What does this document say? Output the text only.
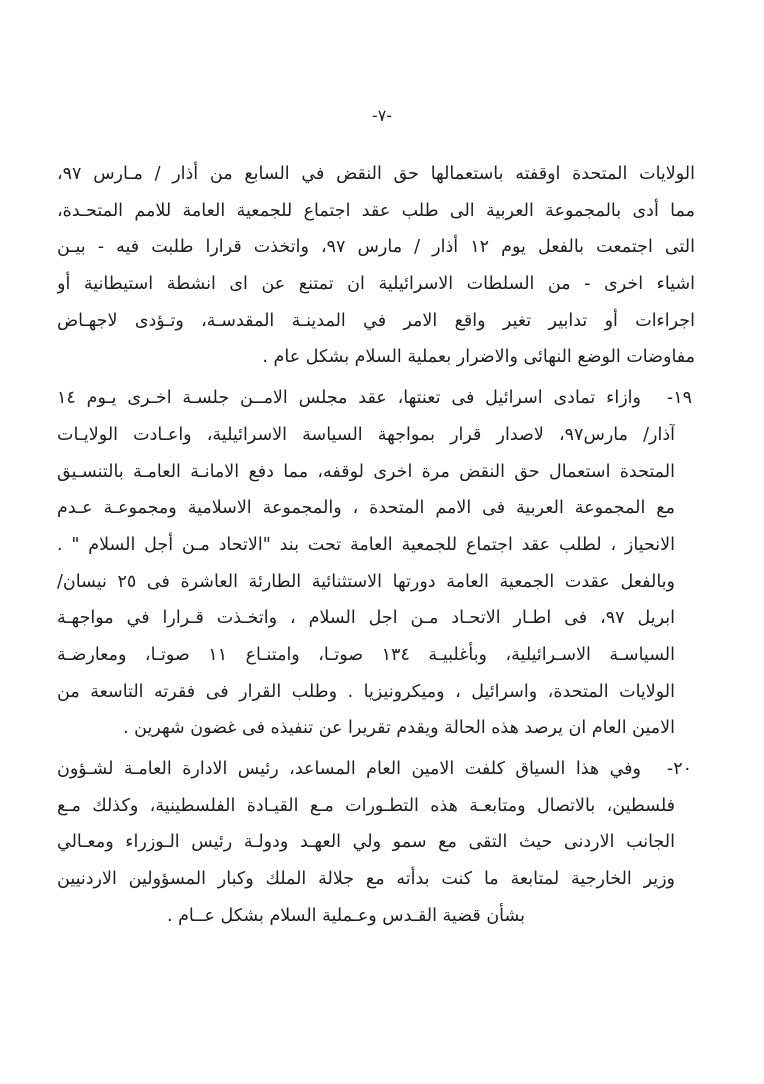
-٧-
الولايات المتحدة اوقفته باستعمالها حق النقض في السابع من أذار / مـارس ٩٧،
مما أدى بالمجموعة العربية الى طلب عقد اجتماع للجمعية العامة للامم المتحـدة،
التى اجتمعت بالفعل يوم ١٢ أذار / مارس ٩٧، واتخذت قرارا طلبت فيه - بيـن
اشياء اخرى - من السلطات الاسرائيلية ان تمتنع عن اى انشطة استيطانية أو
اجراءات أو تدابير تغير واقع الامر في المدينـة المقدسـة، وتـؤدى لاجهـاض
مفاوضات الوضع النهائى والاضرار بعملية السلام بشكل عام .
١٩-
وازاء تمادى اسرائيل فى تعنتها، عقد مجلس الامــن جلسـة اخـرى يـوم ١٤
آذار/ مارس٩٧، لاصدار قرار بمواجهة السياسة الاسرائيلية، واعـادت الولايـات
المتحدة استعمال حق النقض مرة اخرى لوقفه، مما دفع الامانـة العامـة بالتنسـيق
مع المجموعة العربية فى الامم المتحدة ، والمجموعة الاسلامية ومجموعـة عـدم
الانحياز ، لطلب عقد اجتماع للجمعية العامة تحت بند "الاتحاد مـن أجل السلام " .
وبالفعل عقدت الجمعية العامة دورتها الاستثنائية الطارئة العاشرة فى ٢٥ نيسان/
ابريل ٩٧، فى اطـار الاتحـاد مـن اجل السلام ، واتخـذت قـرارا في مواجهـة
السياسـة الاسـرائيلية، وبأغلبيـة ١٣٤ صوتـا، وامتنـاع ١١ صوتـا، ومعارضـة
الولايات المتحدة، واسرائيل ، وميكرونيزيا . وطلب القرار فى فقرته التاسعة من
الامين العام ان يرصد هذه الحالة ويقدم تقريرا عن تنفيذه فى غضون شهرين .
٢٠-
وفي هذا السياق كلفت الامين العام المساعد، رئيس الادارة العامـة لشـؤون
فلسطين، بالاتصال ومتابعـة هذه التطـورات مـع القيـادة الفلسطينية، وكذلك مـع
الجانب الاردنى حيث التقى مع سمو ولي العهـد ودولـة رئيس الـوزراء ومعـالي
وزير الخارجية لمتابعة ما كنت بدأته مع جلالة الملك وكبار المسؤولين الاردنيين
بشأن قضية القـدس وعـملية السلام بشكل عــام .
